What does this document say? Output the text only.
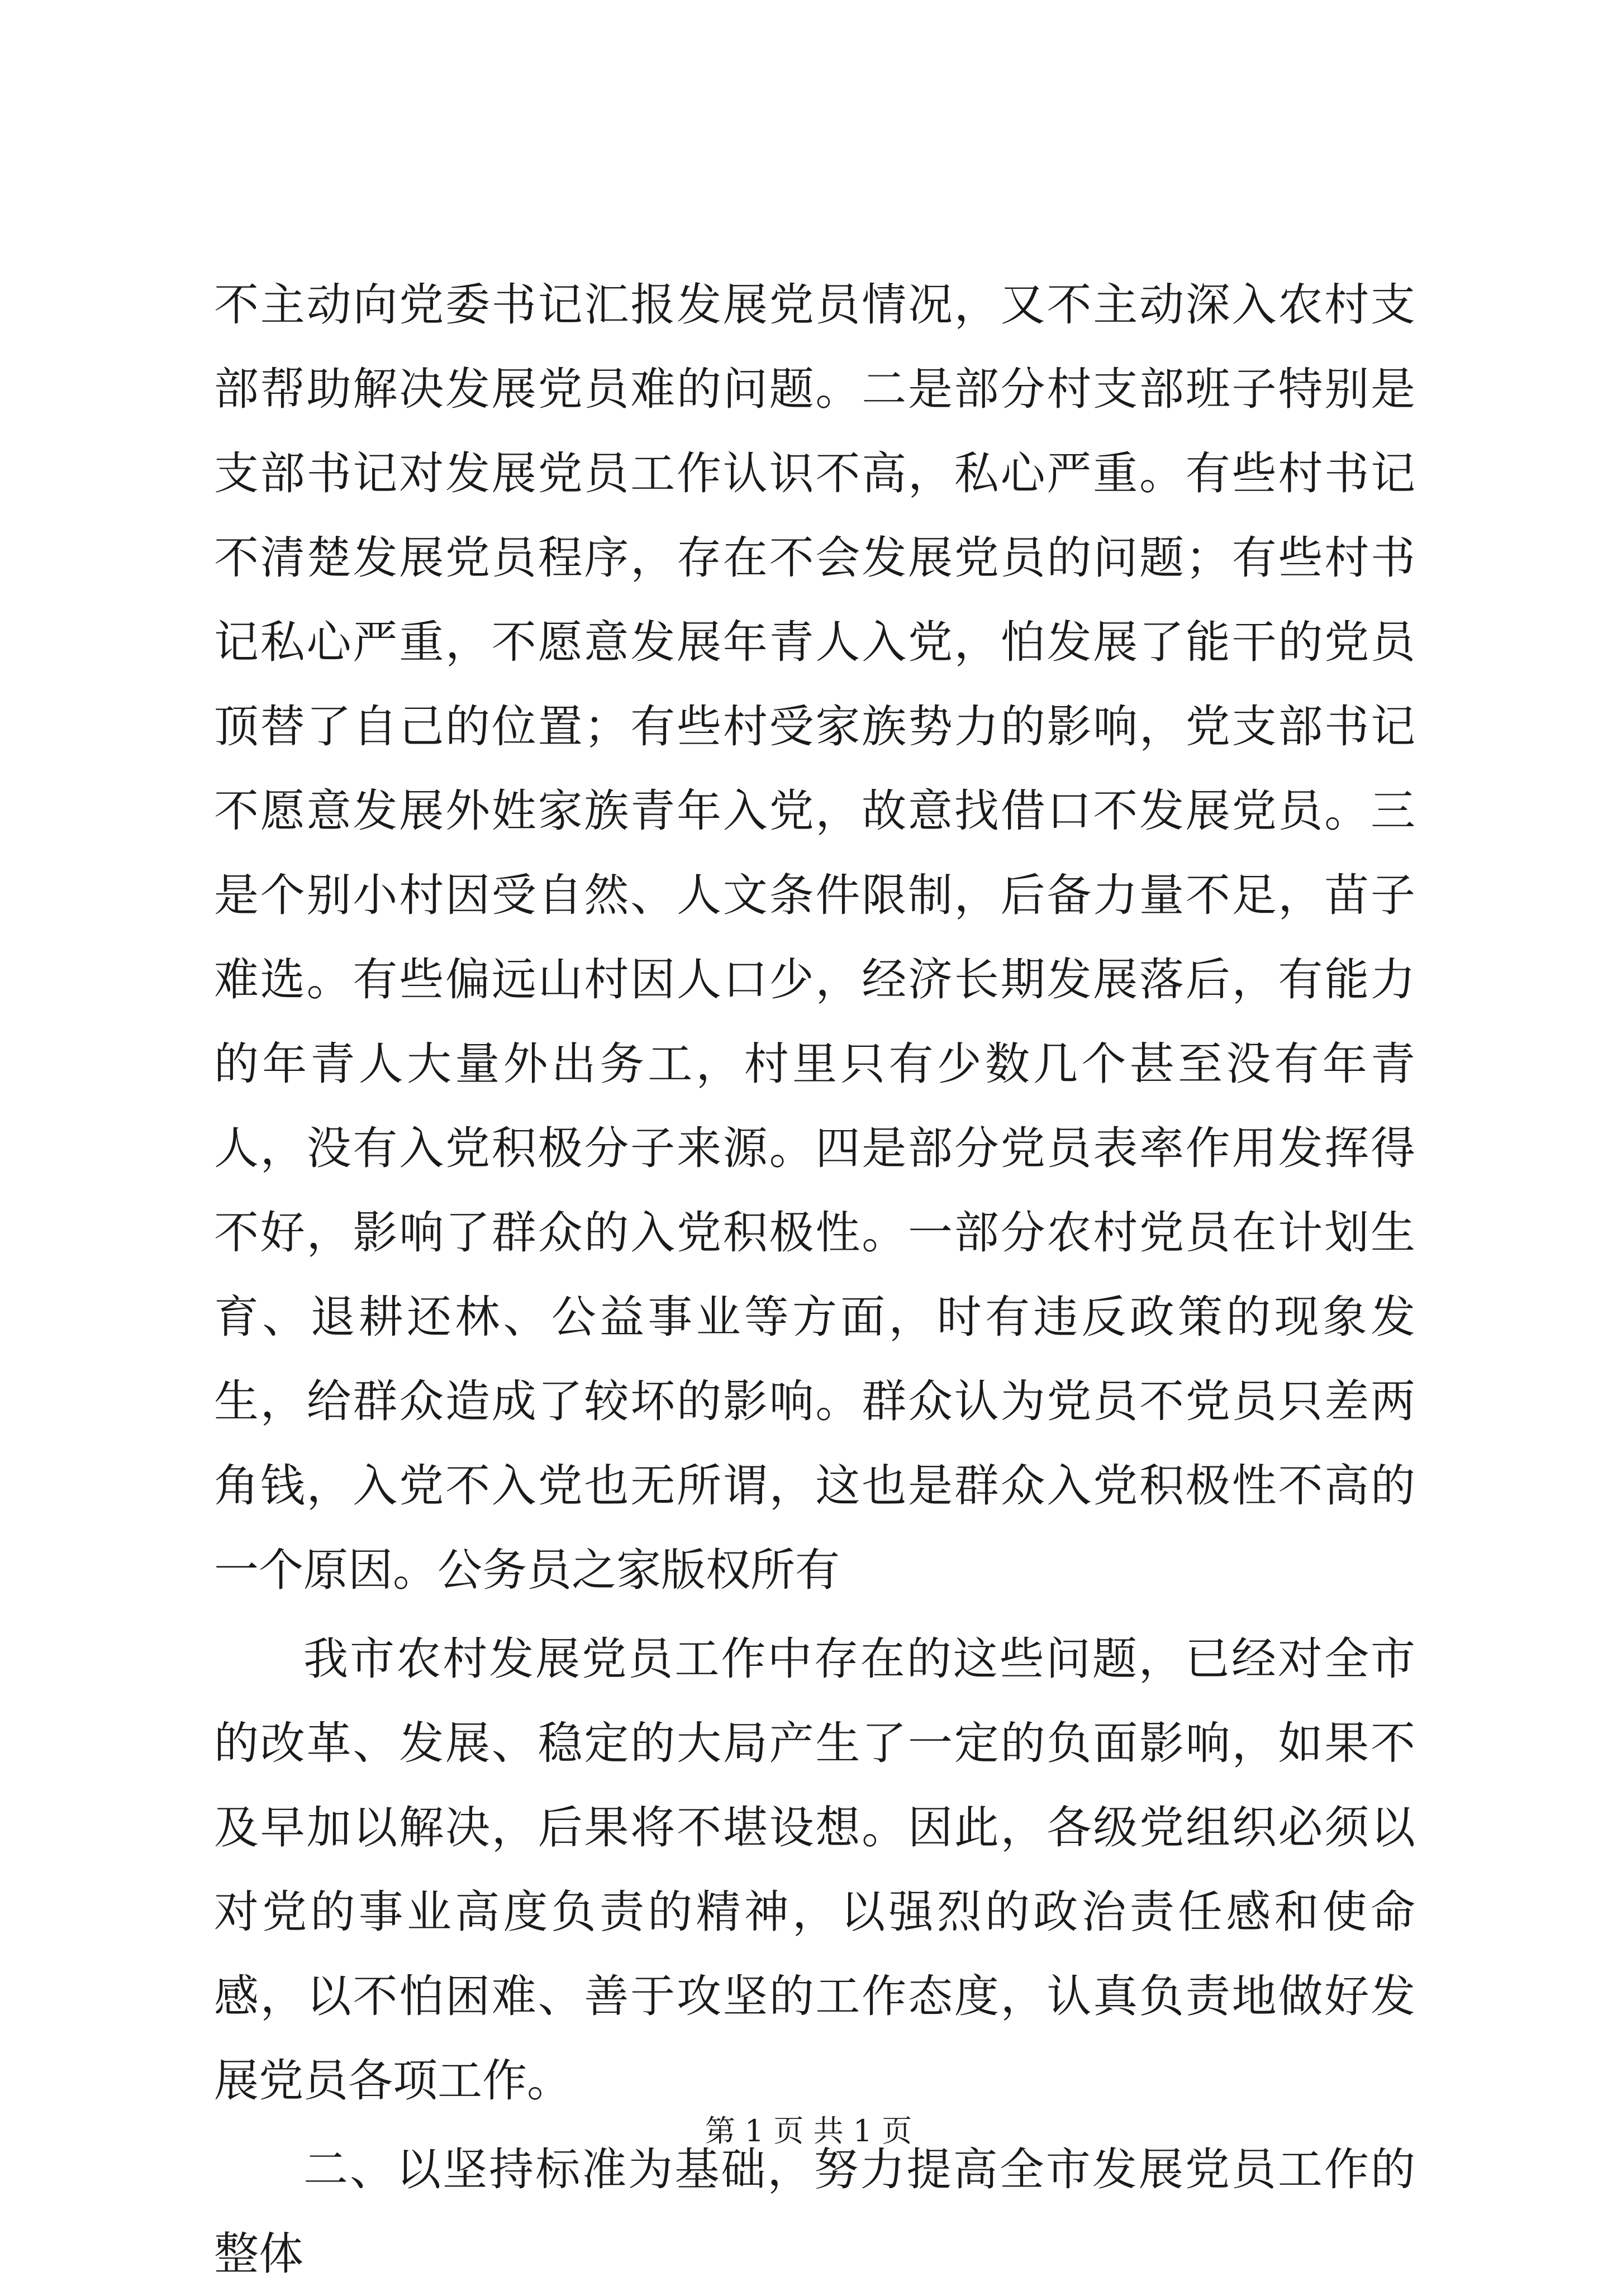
不主动向党委书记汇报发展党员情况，又不主动深入农村支部帮助解决发展党员难的问题。二是部分村支部班子特别是支部书记对发展党员工作认识不高，私心严重。有些村书记不清楚发展党员程序，存在不会发展党员的问题；有些村书记私心严重，不愿意发展年青人入党，怕发展了能干的党员顶替了自己的位置；有些村受家族势力的影响，党支部书记不愿意发展外姓家族青年入党，故意找借口不发展党员。三是个别小村因受自然、人文条件限制，后备力量不足，苗子难选。有些偏远山村因人口少，经济长期发展落后，有能力的年青人大量外出务工，村里只有少数几个甚至没有年青人，没有入党积极分子来源。四是部分党员表率作用发挥得不好，影响了群众的入党积极性。一部分农村党员在计划生育、退耕还林、公益事业等方面，时有违反政策的现象发生，给群众造成了较坏的影响。群众认为党员不党员只差两角钱，入党不入党也无所谓，这也是群众入党积极性不高的一个原因。公务员之家版权所有

我市农村发展党员工作中存在的这些问题，已经对全市的改革、发展、稳定的大局产生了一定的负面影响，如果不及早加以解决，后果将不堪设想。因此，各级党组织必须以对党的事业高度负责的精神，以强烈的政治责任感和使命感，以不怕困难、善于攻坚的工作态度，认真负责地做好发展党员各项工作。

二、以坚持标准为基础，努力提高全市发展党员工作的整体

第 1 页 共 1 页
